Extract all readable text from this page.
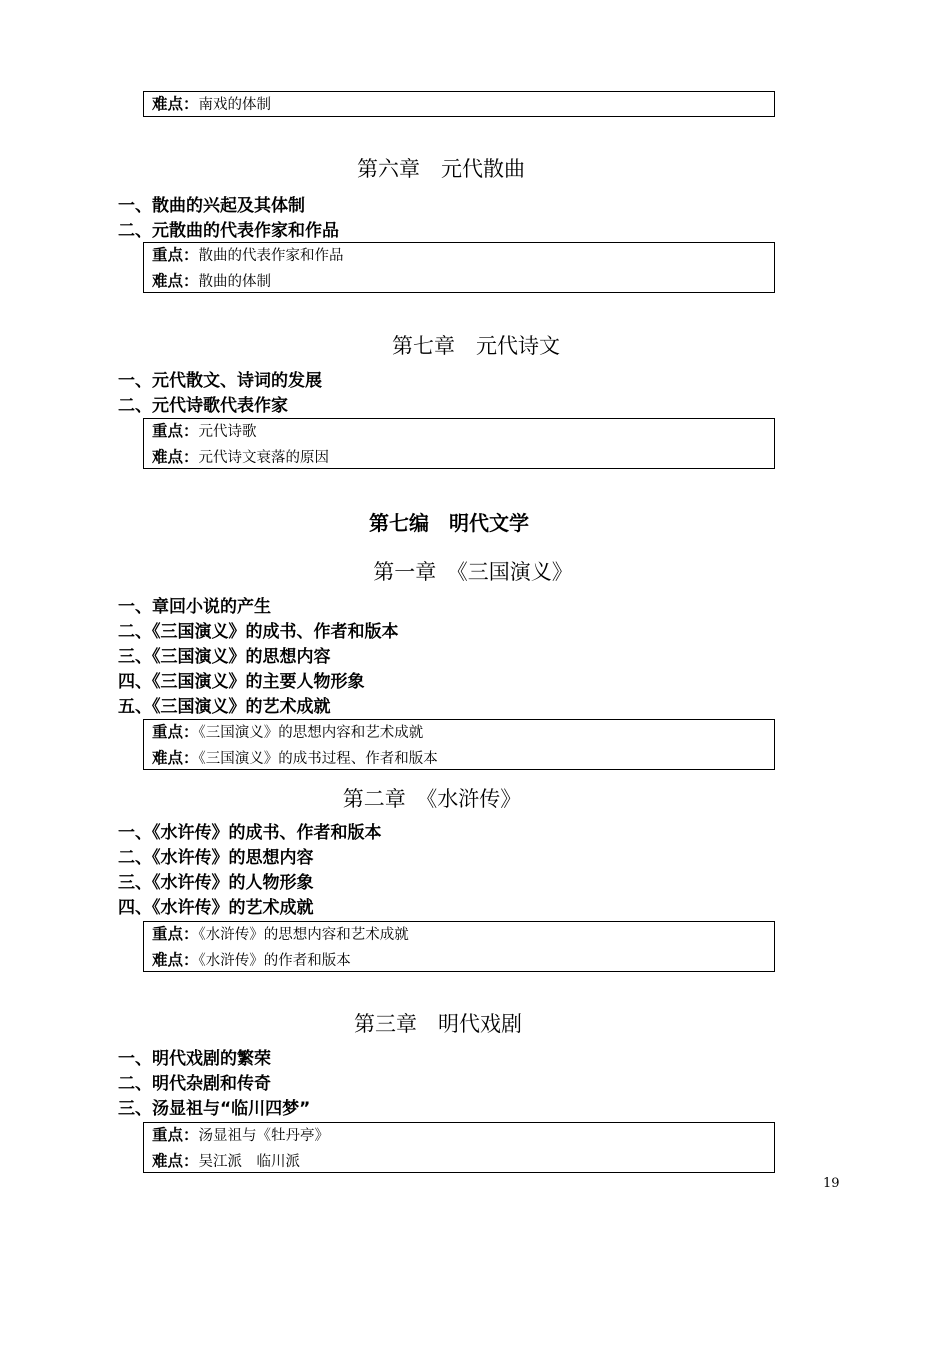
难点：南戏的体制
第六章　元代散曲
一、散曲的兴起及其体制
二、元散曲的代表作家和作品
重点：散曲的代表作家和作品
难点：散曲的体制
第七章　元代诗文
一、元代散文、诗词的发展
二、元代诗歌代表作家
重点：元代诗歌
难点：元代诗文衰落的原因
第七编　明代文学
第一章　《三国演义》
一、章回小说的产生
二、《三国演义》的成书、作者和版本
三、《三国演义》的思想内容
四、《三国演义》的主要人物形象
五、《三国演义》的艺术成就
重点：《三国演义》的思想内容和艺术成就
难点：《三国演义》的成书过程、作者和版本
第二章　《水浒传》
一、《水许传》的成书、作者和版本
二、《水许传》的思想内容
三、《水许传》的人物形象
四、《水许传》的艺术成就
重点：《水浒传》的思想内容和艺术成就
难点：《水浒传》的作者和版本
第三章　明代戏剧
一、明代戏剧的繁荣
二、明代杂剧和传奇
三、汤显祖与“临川四梦”
重点：汤显祖与《牡丹亭》
难点：吴江派　临川派
19
